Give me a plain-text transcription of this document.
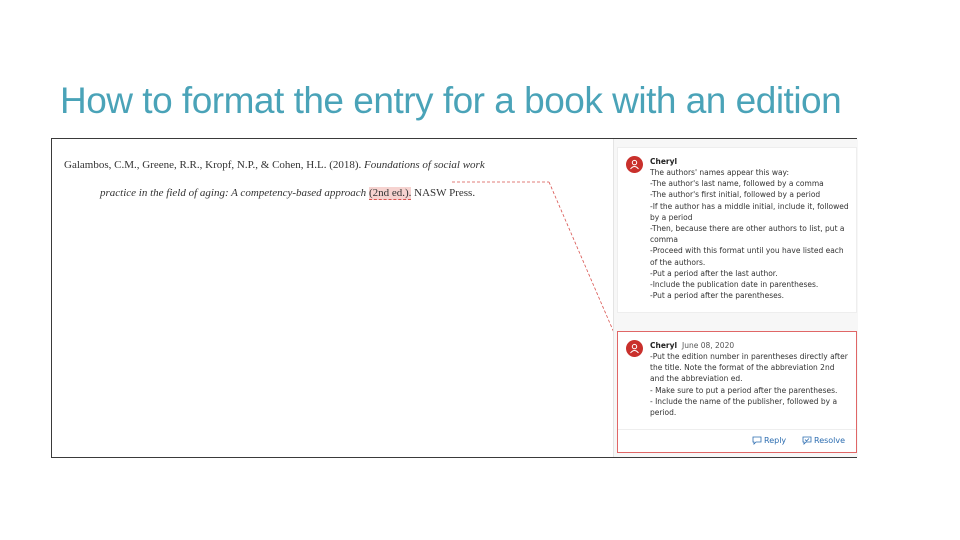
How to format the entry for a book with an edition
Galambos, C.M., Greene, R.R., Kropf, N.P., & Cohen, H.L. (2018). Foundations of social work
practice in the field of aging: A competency-based approach (2nd ed.). NASW Press.
Cheryl
The authors' names appear this way:
-The author's last name, followed by a comma
-The author's first initial, followed by a period
-If the author has a middle initial, include it, followed
by a period
-Then, because there are other authors to list, put a
comma
-Proceed with this format until you have listed each
of the authors.
-Put a period after the last author.
-Include the publication date in parentheses.
-Put a period after the parentheses.
Cheryl June 08, 2020
-Put the edition number in parentheses directly after
the title. Note the format of the abbreviation 2nd
and the abbreviation ed.
- Make sure to put a period after the parentheses.
- Include the name of the publisher, followed by a
period.
Reply	Resolve
